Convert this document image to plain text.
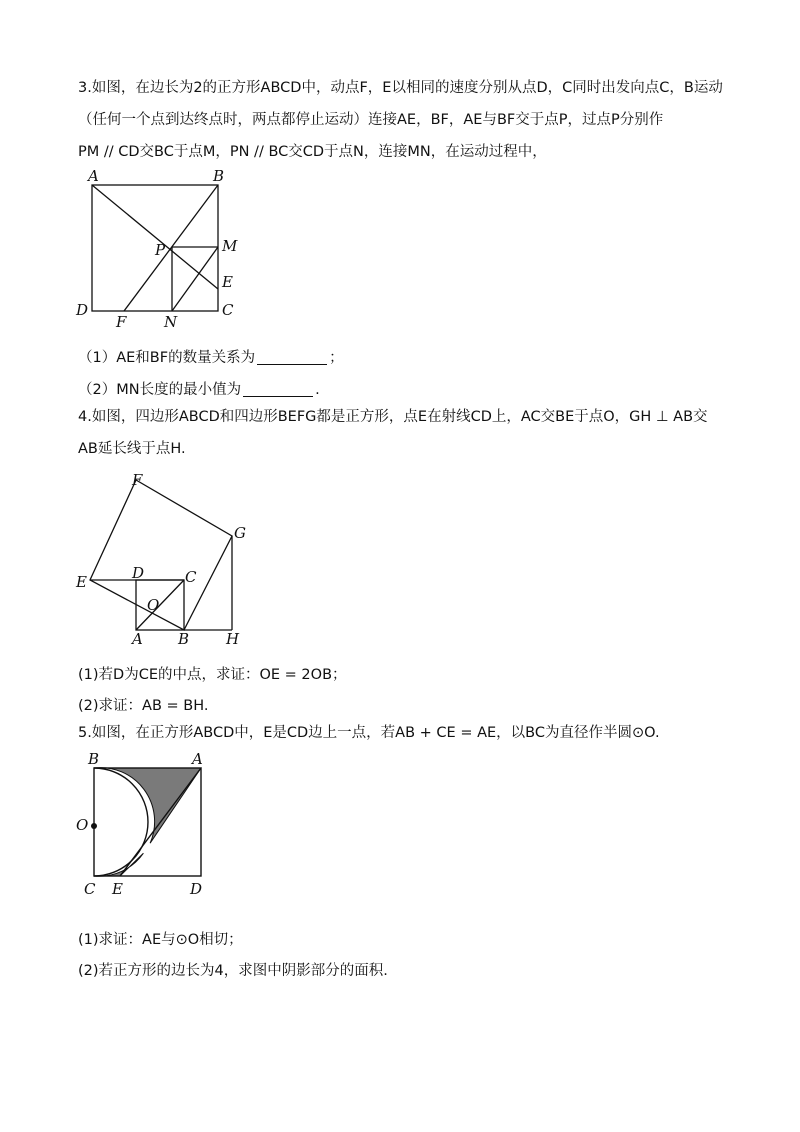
3.如图，在边长为2的正方形ABCD中，动点F，E以相同的速度分别从点D，C同时出发向点C，B运动
（任何一个点到达终点时，两点都停止运动）连接AE，BF，AE与BF交于点P，过点P分别作
PM // CD交BC于点M，PN // BC交CD于点N，连接MN，在运动过程中，
A	B
P	M
E
D	C
F	N
（1）AE和BF的数量关系为	；
（2）MN长度的最小值为	.
4.如图，四边形ABCD和四边形BEFG都是正方形，点E在射线CD上，AC交BE于点O，GH ⊥ AB交
AB延长线于点H.
F
G
E	D	C
O
A B H
(1)若D为CE的中点，求证：OE = 2OB；
(2)求证：AB = BH.
5.如图，在正方形ABCD中，E是CD边上一点，若AB + CE = AE，以BC为直径作半圆⊙O.
B	A
O
C E	D
(1)求证：AE与⊙O相切；
(2)若正方形的边长为4，求图中阴影部分的面积.
